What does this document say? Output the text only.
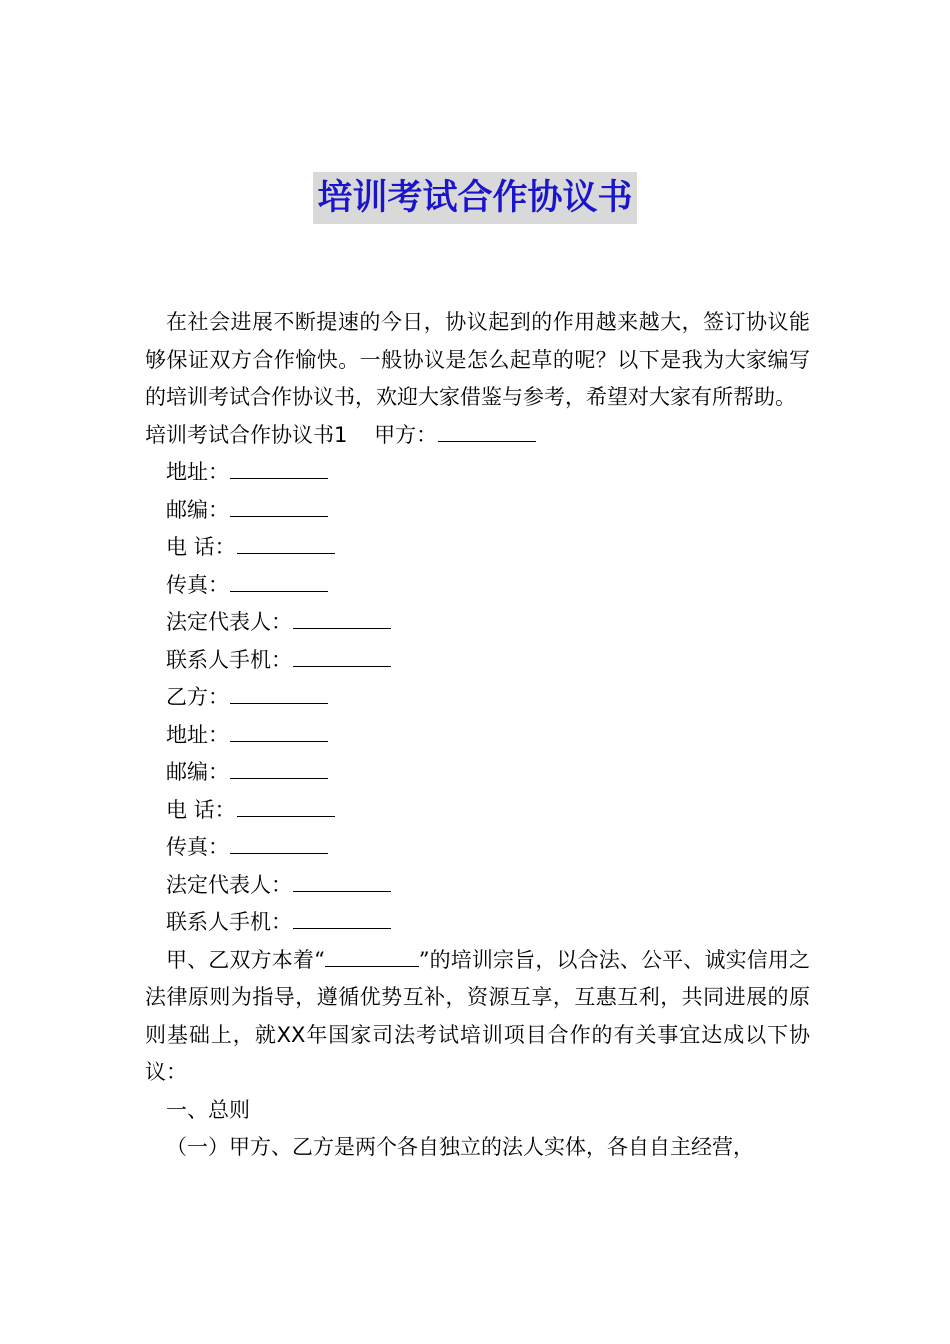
培训考试合作协议书

在社会进展不断提速的今日，协议起到的作用越来越大，签订协议能够保证双方合作愉快。一般协议是怎么起草的呢？以下是我为大家编写的培训考试合作协议书，欢迎大家借鉴与参考，希望对大家有所帮助。

培训考试合作协议书1 甲方：

地址：

邮编：

电 话：

传真：

法定代表人：

联系人手机：

乙方：

地址：

邮编：

电 话：

传真：

法定代表人：

联系人手机：

甲、乙双方本着“	”的培训宗旨，以合法、公平、诚实信用之法律原则为指导，遵循优势互补，资源互享，互惠互利，共同进展的原则基础上，就XX年国家司法考试培训项目合作的有关事宜达成以下协议：

一、总则

（一）甲方、乙方是两个各自独立的法人实体，各自自主经营，
